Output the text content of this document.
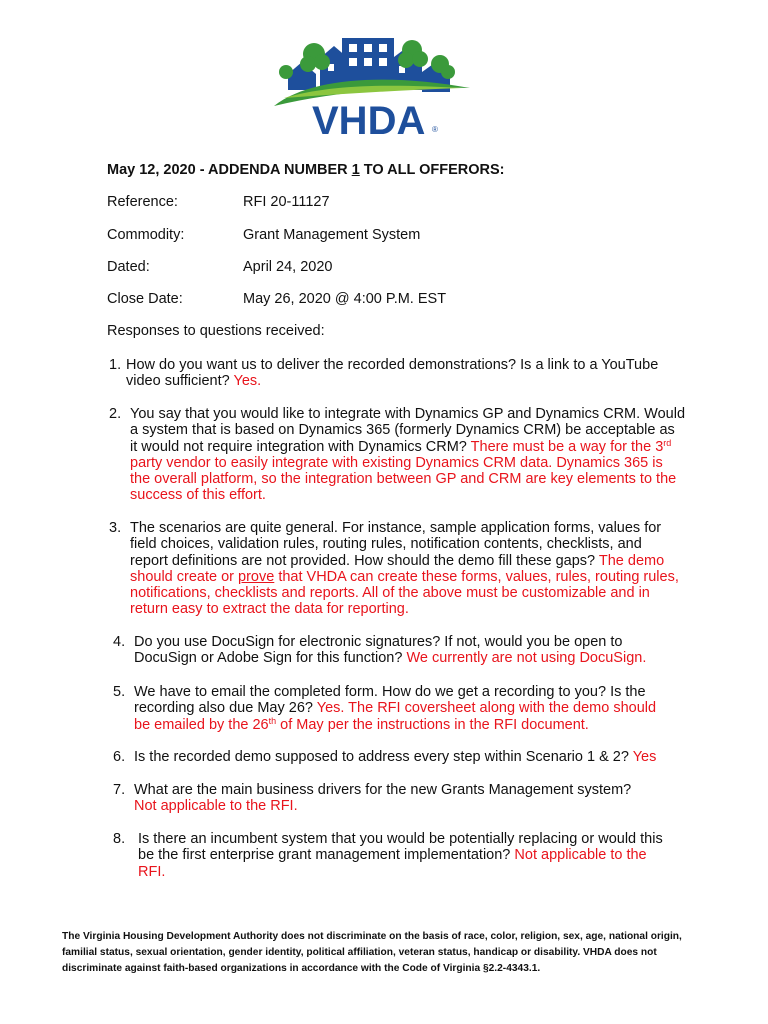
VHDA ®
May 12, 2020 - ADDENDA NUMBER 1 TO ALL OFFERORS:
Reference:	RFI 20-11127
Commodity:	Grant Management System
Dated:	April 24, 2020
Close Date:	May 26, 2020 @ 4:00 P.M. EST
Responses to questions received:
1. How do you want us to deliver the recorded demonstrations? Is a link to a YouTube video sufficient? Yes.
2. You say that you would like to integrate with Dynamics GP and Dynamics CRM. Would a system that is based on Dynamics 365 (formerly Dynamics CRM) be acceptable as it would not require integration with Dynamics CRM? There must be a way for the 3rd party vendor to easily integrate with existing Dynamics CRM data. Dynamics 365 is the overall platform, so the integration between GP and CRM are key elements to the success of this effort.
3. The scenarios are quite general. For instance, sample application forms, values for field choices, validation rules, routing rules, notification contents, checklists, and report definitions are not provided. How should the demo fill these gaps? The demo should create or prove that VHDA can create these forms, values, rules, routing rules, notifications, checklists and reports. All of the above must be customizable and in return easy to extract the data for reporting.
4. Do you use DocuSign for electronic signatures? If not, would you be open to DocuSign or Adobe Sign for this function? We currently are not using DocuSign.
5. We have to email the completed form. How do we get a recording to you? Is the recording also due May 26? Yes. The RFI coversheet along with the demo should be emailed by the 26th of May per the instructions in the RFI document.
6. Is the recorded demo supposed to address every step within Scenario 1 & 2? Yes
7. What are the main business drivers for the new Grants Management system? Not applicable to the RFI.
8. Is there an incumbent system that you would be potentially replacing or would this be the first enterprise grant management implementation? Not applicable to the RFI.
The Virginia Housing Development Authority does not discriminate on the basis of race, color, religion, sex, age, national origin, familial status, sexual orientation, gender identity, political affiliation, veteran status, handicap or disability. VHDA does not discriminate against faith-based organizations in accordance with the Code of Virginia §2.2-4343.1.
